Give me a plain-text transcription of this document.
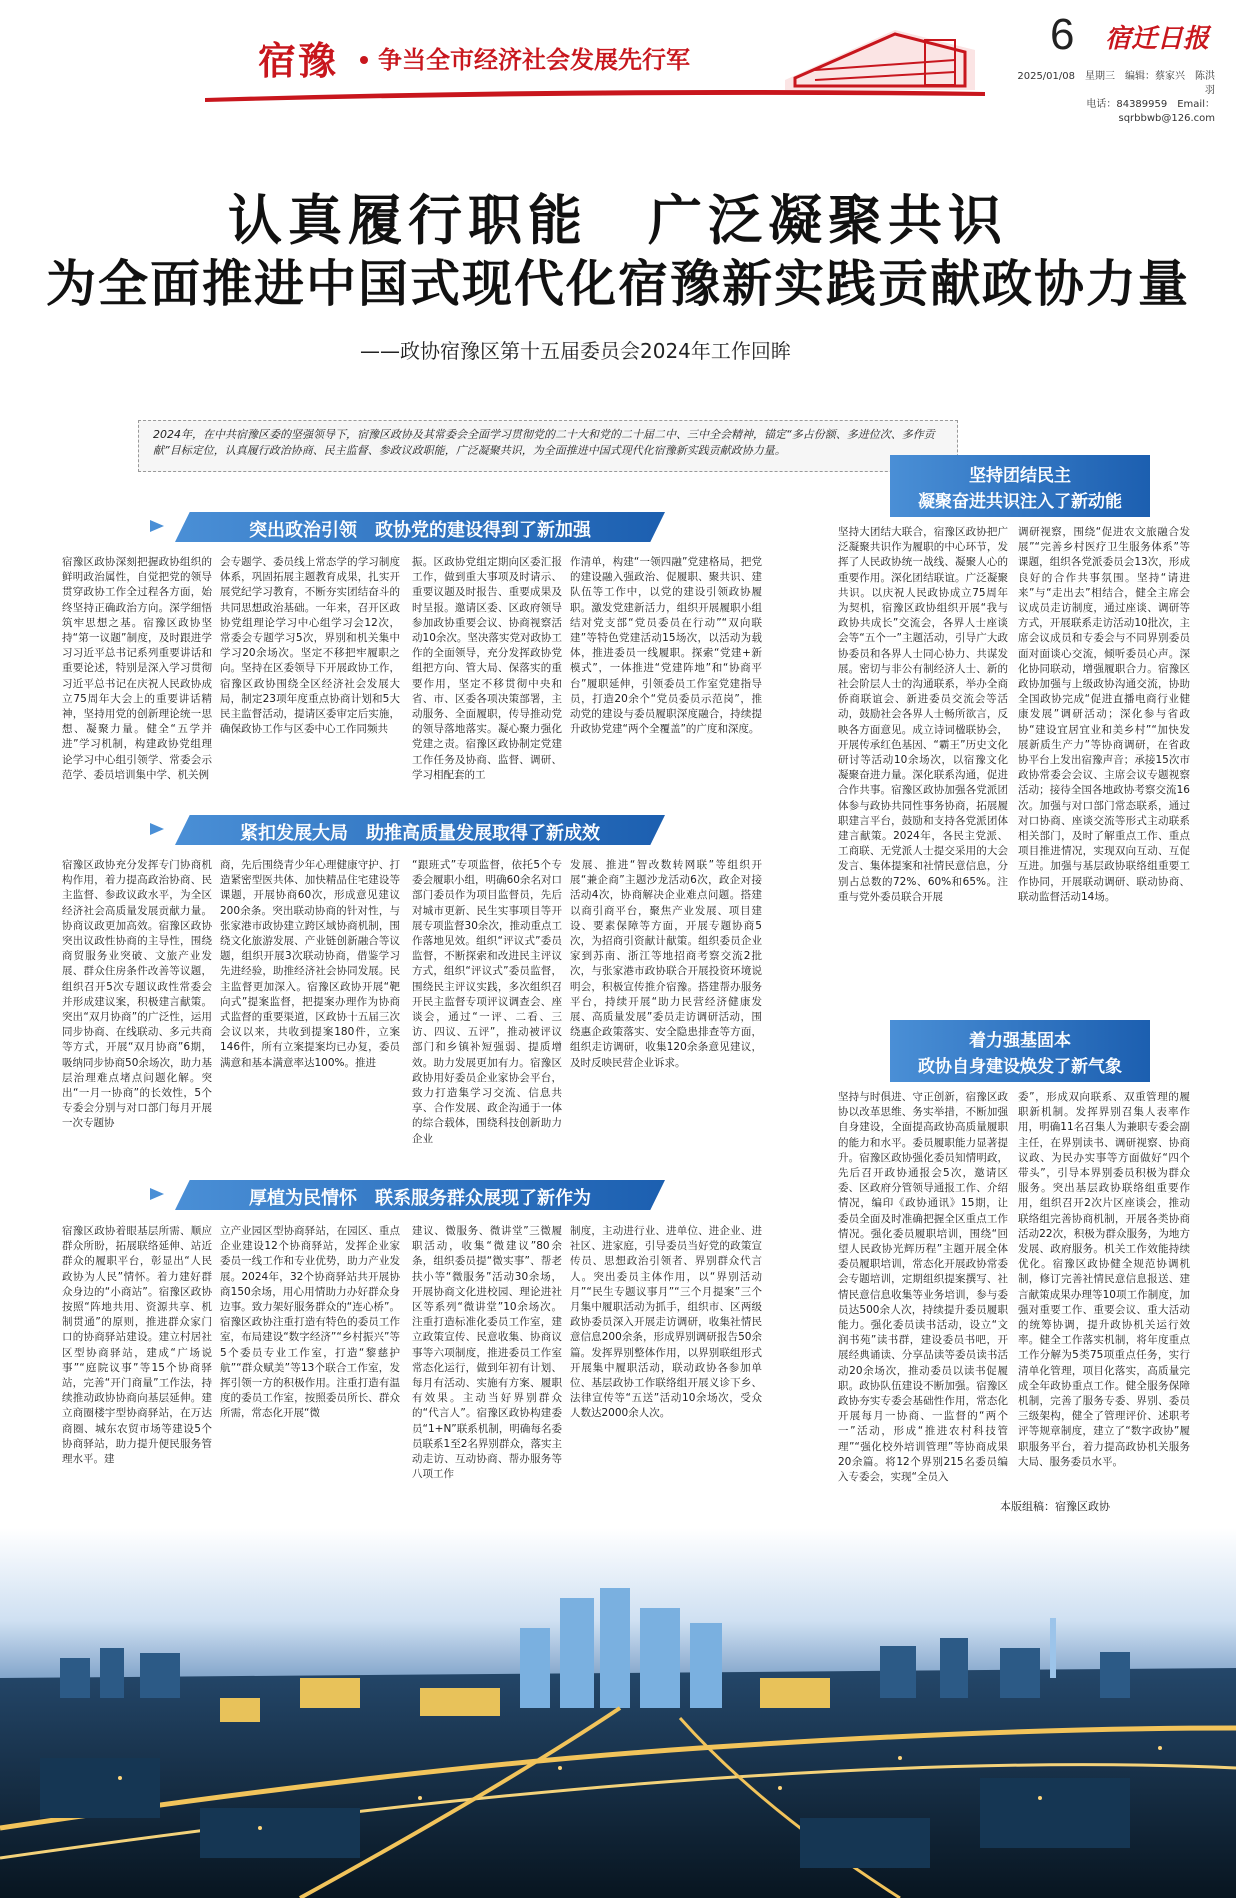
宿豫 争当全市经济社会发展先行军
6 宿迁日报
2025/01/08　星期三　编辑：蔡家兴　陈洪羽
电话：84389959　Email：sqrbbwb@126.com
认真履行职能　广泛凝聚共识
为全面推进中国式现代化宿豫新实践贡献政协力量
——政协宿豫区第十五届委员会2024年工作回眸
2024年，在中共宿豫区委的坚强领导下，宿豫区政协及其常委会全面学习贯彻党的二十大和党的二十届二中、三中全会精神，锚定“多占份额、多进位次、多作贡献”目标定位，认真履行政治协商、民主监督、参政议政职能，广泛凝聚共识，为全面推进中国式现代化宿豫新实践贡献政协力量。
突出政治引领　政协党的建设得到了新加强
宿豫区政协深刻把握政协组织的鲜明政治属性，自觉把党的领导贯穿政协工作全过程各方面，始终坚持正确政治方向。深学细悟筑牢思想之基。宿豫区政协坚持“第一议题”制度，及时跟进学习习近平总书记系列重要讲话和重要论述，特别是深入学习贯彻习近平总书记在庆祝人民政协成立75周年大会上的重要讲话精神，坚持用党的创新理论统一思想、凝聚力量。健全“五学并进”学习机制，构建政协党组理论学习中心组引领学、常委会示范学、委员培训集中学、机关例
会专题学、委员线上常态学的学习制度体系，巩固拓展主题教育成果，扎实开展党纪学习教育，不断夯实团结奋斗的共同思想政治基础。一年来，召开区政协党组理论学习中心组学习会12次，常委会专题学习5次，界别和机关集中学习20余场次。坚定不移把牢履职之向。坚持在区委领导下开展政协工作，宿豫区政协围绕全区经济社会发展大局，制定23项年度重点协商计划和5大民主监督活动，提请区委审定后实施，确保政协工作与区委中心工作同频共
振。区政协党组定期向区委汇报工作，做到重大事项及时请示、重要议题及时报告、重要成果及时呈报。邀请区委、区政府领导参加政协重要会议、协商视察活动10余次。坚决落实党对政协工作的全面领导，充分发挥政协党组把方向、管大局、保落实的重要作用，坚定不移贯彻中央和省、市、区委各项决策部署，主动服务、全面履职，传导推动党的领导落地落实。凝心聚力强化党建之责。宿豫区政协制定党建工作任务及协商、监督、调研、学习相配套的工
作清单，构建“一领四融”党建格局，把党的建设融入强政治、促履职、聚共识、建队伍等工作中，以党的建设引领政协履职。激发党建新活力，组织开展履职小组结对党支部“党员委员在行动”“双向联建”等特色党建活动15场次，以活动为载体，推进委员一线履职。探索“党建+新模式”，一体推进“党建阵地”和“协商平台”履职延伸，引领委员工作室党建指导员，打造20余个“党员委员示范岗”，推动党的建设与委员履职深度融合，持续提升政协党建“两个全覆盖”的广度和深度。
紧扣发展大局　助推高质量发展取得了新成效
宿豫区政协充分发挥专门协商机构作用，着力提高政治协商、民主监督、参政议政水平，为全区经济社会高质量发展贡献力量。协商议政更加高效。宿豫区政协突出议政性协商的主导性，围绕商贸服务业突破、文旅产业发展、群众住房条件改善等议题，组织召开5次专题议政性常委会并形成建议案，积极建言献策。突出“双月协商”的广泛性，运用同步协商、在线联动、多元共商等方式，开展“双月协商”6期，吸纳同步协商50余场次，助力基层治理难点堵点问题化解。突出“一月一协商”的长效性，5个专委会分别与对口部门每月开展一次专题协
商，先后围绕青少年心理健康守护、打造紧密型医共体、加快精品住宅建设等课题，开展协商60次，形成意见建议200余条。突出联动协商的针对性，与张家港市政协建立跨区域协商机制，围绕文化旅游发展、产业链创新融合等议题，组织开展3次联动协商，借鉴学习先进经验，助推经济社会协同发展。民主监督更加深入。宿豫区政协开展“靶向式”提案监督，把提案办理作为协商式监督的重要渠道，区政协十五届三次会议以来，共收到提案180件，立案146件，所有立案提案均已办复，委员满意和基本满意率达100%。推进
“跟班式”专项监督，依托5个专委会履职小组，明确60余名对口部门委员作为项目监督员，先后对城市更新、民生实事项目等开展专项监督30余次，推动重点工作落地见效。组织“评议式”委员监督，不断探索和改进民主评议方式，组织“评议式”委员监督，围绕民主评议实践，多次组织召开民主监督专项评议调查会、座谈会，通过“一评、二看、三访、四议、五评”，推动被评议部门和乡镇补短强弱、提质增效。助力发展更加有力。宿豫区政协用好委员企业家协会平台，致力打造集学习交流、信息共享、合作发展、政企沟通于一体的综合载体，围绕科技创新助力企业
发展、推进“智改数转网联”等组织开展“兼企商”主题沙龙活动6次，政企对接活动4次，协商解决企业难点问题。搭建以商引商平台，聚焦产业发展、项目建设、要素保障等方面，开展专题协商5次，为招商引资献计献策。组织委员企业家到苏南、浙江等地招商考察交流2批次，与张家港市政协联合开展投资环境说明会，积极宣传推介宿豫。搭建帮办服务平台，持续开展“助力民营经济健康发展、高质量发展”委员走访调研活动，围绕惠企政策落实、安全隐患排查等方面，组织走访调研，收集120余条意见建议，及时反映民营企业诉求。
厚植为民情怀　联系服务群众展现了新作为
宿豫区政协着眼基层所需、顺应群众所盼，拓展联络延伸、站近群众的履职平台，彰显出“人民政协为人民”情怀。着力建好群众身边的“小商站”。宿豫区政协按照“阵地共用、资源共享、机制贯通”的原则，推进群众家门口的协商驿站建设。建立村居社区型协商驿站，建成“广场说事”“庭院议事”等15个协商驿站，完善“开门商量”工作法，持续推动政协协商向基层延伸。建立商圈楼宇型协商驿站，在万达商圈、城东农贸市场等建设5个协商驿站，助力提升便民服务管理水平。建
立产业园区型协商驿站，在园区、重点企业建设12个协商驿站，发挥企业家委员一线工作和专业优势，助力产业发展。2024年，32个协商驿站共开展协商150余场，用心用情助力办好群众身边事。致力架好服务群众的“连心桥”。宿豫区政协注重打造有特色的委员工作室，布局建设“数字经济”“乡村振兴”等5个委员专业工作室，打造“黎慈护航”“群众赋美”等13个联合工作室，发挥引领一方的积极作用。注重打造有温度的委员工作室，按照委员所长、群众所需，常态化开展“微
建议、微服务、微讲堂”三微履职活动，收集“微建议”80余条，组织委员提“微实事”、帮老扶小等“微服务”活动30余场，开展协商文化进校园、理论进社区等系列“微讲堂”10余场次。注重打造标准化委员工作室，建立政策宣传、民意收集、协商议事等六项制度，推进委员工作室常态化运行，做到年初有计划、每月有活动、实施有方案、履职有效果。主动当好界别群众的“代言人”。宿豫区政协构建委员“1+N”联系机制，明确每名委员联系1至2名界别群众，落实主动走访、互动协商、帮办服务等八项工作
制度，主动进行业、进单位、进企业、进社区、进家庭，引导委员当好党的政策宣传员、思想政治引领者、界别群众代言人。突出委员主体作用，以“界别活动月”“民生专题议事月”“三个月提案”三个月集中履职活动为抓手，组织市、区两级政协委员深入开展走访调研，收集社情民意信息200余条，形成界别调研报告50余篇。发挥界别整体作用，以界别联组形式开展集中履职活动，联动政协各参加单位、基层政协工作联络组开展义诊下乡、法律宣传等“五送”活动10余场次，受众人数达2000余人次。
坚持团结民主
凝聚奋进共识注入了新动能
坚持大团结大联合，宿豫区政协把广泛凝聚共识作为履职的中心环节，发挥了人民政协统一战线、凝聚人心的重要作用。深化团结联谊。广泛凝聚共识。以庆祝人民政协成立75周年为契机，宿豫区政协组织开展“我与政协共成长”交流会，各界人士座谈会等“五个一”主题活动，引导广大政协委员和各界人士同心协力、共谋发展。密切与非公有制经济人士、新的社会阶层人士的沟通联系，举办全商侨商联谊会、新进委员交流会等活动，鼓励社会各界人士畅所欲言，反映各方面意见。成立诗词楹联协会，开展传承红色基因、“霸王”历史文化研讨等活动10余场次，以宿豫文化凝聚奋进力量。深化联系沟通，促进合作共事。宿豫区政协加强各党派团体参与政协共同性事务协商，拓展履职建言平台，鼓励和支持各党派团体建言献策。2024年，各民主党派、工商联、无党派人士提交采用的大会发言、集体提案和社情民意信息，分别占总数的72%、60%和65%。注重与党外委员联合开展
调研视察，围绕“促进农文旅融合发展”“完善乡村医疗卫生服务体系”等课题，组织各党派委员会13次，形成良好的合作共事氛围。坚持“请进来”与“走出去”相结合，健全主席会议成员走访制度，通过座谈、调研等方式，开展联系走访活动10批次，主席会议成员和专委会与不同界别委员面对面谈心交流，倾听委员心声。深化协同联动，增强履职合力。宿豫区政协加强与上级政协沟通交流，协助全国政协完成“促进直播电商行业健康发展”调研活动；深化参与省政协“建设宜居宜业和美乡村”“加快发展新质生产力”等协商调研，在省政协平台上发出宿豫声音；承接15次市政协常委会会议、主席会议专题视察活动；接待全国各地政协考察交流16次。加强与对口部门常态联系，通过对口协商、座谈交流等形式主动联系相关部门，及时了解重点工作、重点项目推进情况，实现双向互动、互促互进。加强与基层政协联络组重要工作协同，开展联动调研、联动协商、联动监督活动14场。
着力强基固本
政协自身建设焕发了新气象
坚持与时俱进、守正创新，宿豫区政协以改革思维、务实举措，不断加强自身建设，全面提高政协高质量履职的能力和水平。委员履职能力显著提升。宿豫区政协强化委员知情明政，先后召开政协通报会5次，邀请区委、区政府分管领导通报工作、介绍情况，编印《政协通讯》15期，让委员全面及时准确把握全区重点工作情况。强化委员履职培训，围绕“回望人民政协光辉历程”主题开展全体委员履职培训，常态化开展政协常委会专题培训，定期组织提案撰写、社情民意信息收集等业务培训，参与委员达500余人次，持续提升委员履职能力。强化委员读书活动，设立“文润书苑”读书群，建设委员书吧，开展经典诵读、分享品读等委员读书活动20余场次，推动委员以读书促履职。政协队伍建设不断加强。宿豫区政协夯实专委会基础性作用，常态化开展每月一协商、一监督的“两个一”活动，形成“推进农村科技管理”“强化校外培训管理”等协商成果20余篇。将12个界别215名委员编入专委会，实现“全员入
委”，形成双向联系、双重管理的履职新机制。发挥界别召集人表率作用，明确11名召集人为兼职专委会副主任，在界别读书、调研视察、协商议政、为民办实事等方面做好“四个带头”，引导本界别委员积极为群众服务。突出基层政协联络组重要作用，组织召开2次片区座谈会，推动联络组完善协商机制，开展各类协商活动22次，积极为群众服务，为地方发展、政府服务。机关工作效能持续优化。宿豫区政协健全规范协调机制，修订完善社情民意信息报送、建言献策成果办理等10项工作制度，加强对重要工作、重要会议、重大活动的统筹协调，提升政协机关运行效率。健全工作落实机制，将年度重点工作分解为5类75项重点任务，实行清单化管理，项目化落实，高质量完成全年政协重点工作。健全服务保障机制，完善了服务专委、界别、委员三级架构，健全了管理评价、述职考评等规章制度，建立了“数字政协”履职服务平台，着力提高政协机关服务大局、服务委员水平。
本版组稿：宿豫区政协
